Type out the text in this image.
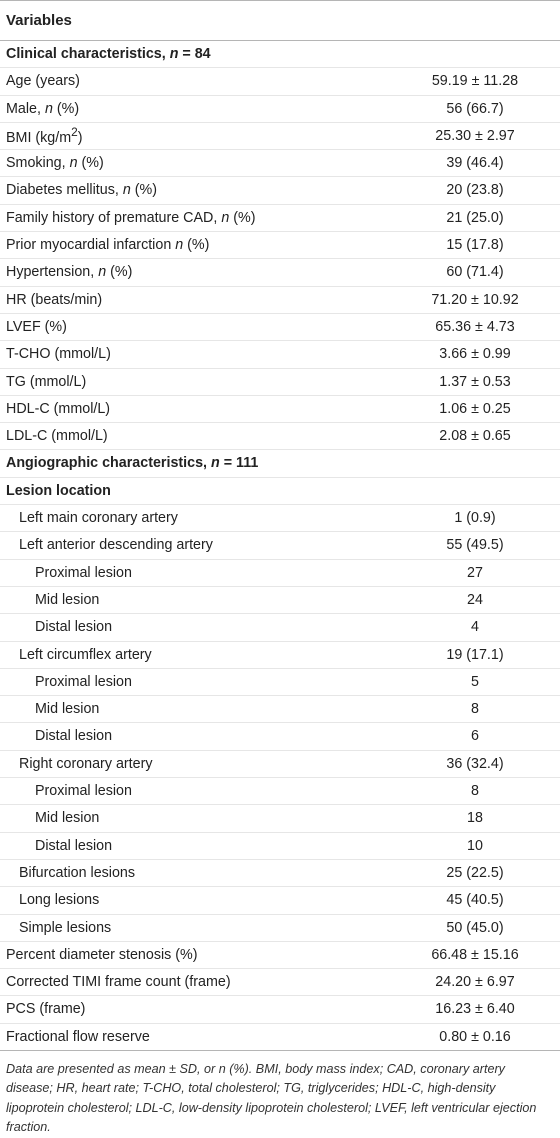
Variables
Clinical characteristics, n = 84	
Age (years)	59.19 ± 11.28
Male, n (%)	56 (66.7)
BMI $(kg/m^2)$	25.30 ± 2.97
Smoking, n (%)	39 (46.4)
Diabetes mellitus, n (%)	20 (23.8)
Family history of premature CAD, n (%)	21 (25.0)
Prior myocardial infarction n (%)	15 (17.8)
Hypertension, n (%)	60 (71.4)
HR (beats/min)	71.20 ± 10.92
LVEF (%)	65.36 ± 4.73
T-CHO (mmol/L)	3.66 ± 0.99
TG (mmol/L)	1.37 ± 0.53
HDL-C (mmol/L)	1.06 ± 0.25
LDL-C (mmol/L)	2.08 ± 0.65
Angiographic characteristics, n = 111	
Lesion location	
Left main coronary artery	1 (0.9)
Left anterior descending artery	55 (49.5)
Proximal lesion	27
Mid lesion	24
Distal lesion	4
Left circumflex artery	19 (17.1)
Proximal lesion	5
Mid lesion	8
Distal lesion	6
Right coronary artery	36 (32.4)
Proximal lesion	8
Mid lesion	18
Distal lesion	10
Bifurcation lesions	25 (22.5)
Long lesions	45 (40.5)
Simple lesions	50 (45.0)
Percent diameter stenosis (%)	66.48 ± 15.16
Corrected TIMI frame count (frame)	24.20 ± 6.97
PCS (frame)	16.23 ± 6.40
Fractional flow reserve	0.80 ± 0.16
Data are presented as mean ± SD, or n (%). BMI, body mass index; CAD, coronary artery disease; HR, heart rate; T-CHO, total cholesterol; TG, triglycerides; HDL-C, high-density lipoprotein cholesterol; LDL-C, low-density lipoprotein cholesterol; LVEF, left ventricular ejection fraction.
